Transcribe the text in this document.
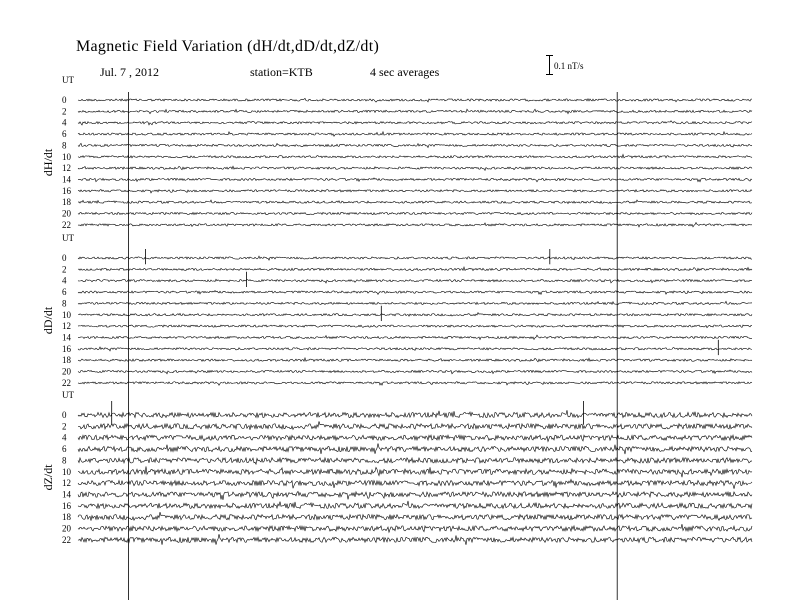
Magnetic Field Variation (dH/dt,dD/dt,dZ/dt)
Jul. 7 , 2012	station=KTB	4 sec averages	0.1 nT/s
UT
dH/dt
0
2
4
6
8
10
12
14
16
18
20
22
UT
dD/dt
0
2
4
6
8
10
12
14
16
18
20
22
UT
dZ/dt
0
2
4
6
8
10
12
14
16
18
20
22
